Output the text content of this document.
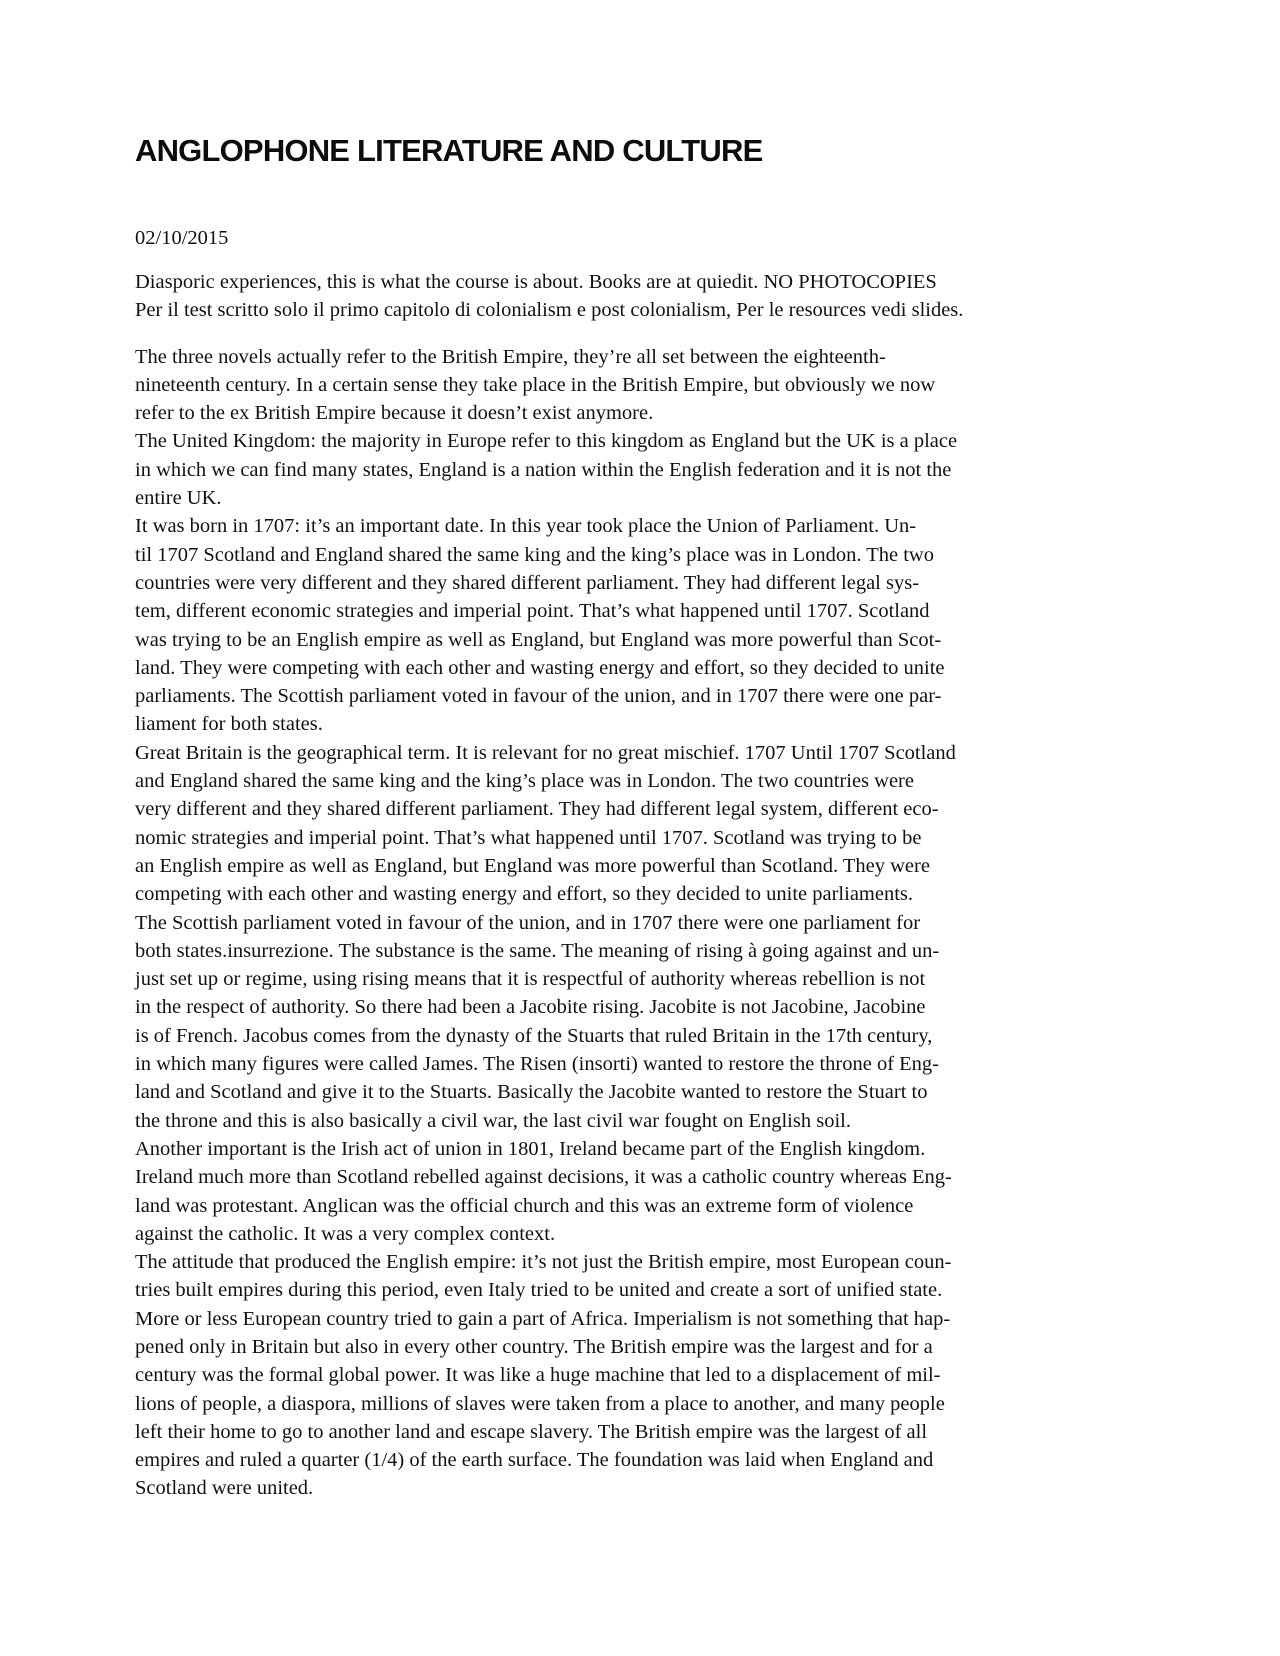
ANGLOPHONE LITERATURE AND CULTURE
02/10/2015
Diasporic experiences, this is what the course is about. Books are at quiedit. NO PHOTOCOPIES
Per il test scritto solo il primo capitolo di colonialism e post colonialism, Per le resources vedi slides.
The three novels actually refer to the British Empire, they’re all set between the eighteenth-
nineteenth century. In a certain sense they take place in the British Empire, but obviously we now
refer to the ex British Empire because it doesn’t exist anymore.
The United Kingdom: the majority in Europe refer to this kingdom as England but the UK is a place
in which we can find many states, England is a nation within the English federation and it is not the
entire UK.
It was born in 1707: it’s an important date. In this year took place the Union of Parliament. Un-
til 1707 Scotland and England shared the same king and the king’s place was in London. The two
countries were very different and they shared different parliament. They had different legal sys-
tem, different economic strategies and imperial point. That’s what happened until 1707. Scotland
was trying to be an English empire as well as England, but England was more powerful than Scot-
land. They were competing with each other and wasting energy and effort, so they decided to unite
parliaments. The Scottish parliament voted in favour of the union, and in 1707 there were one par-
liament for both states.
Great Britain is the geographical term. It is relevant for no great mischief. 1707 Until 1707 Scotland
and England shared the same king and the king’s place was in London. The two countries were
very different and they shared different parliament. They had different legal system, different eco-
nomic strategies and imperial point. That’s what happened until 1707. Scotland was trying to be
an English empire as well as England, but England was more powerful than Scotland. They were
competing with each other and wasting energy and effort, so they decided to unite parliaments.
The Scottish parliament voted in favour of the union, and in 1707 there were one parliament for
both states.insurrezione. The substance is the same. The meaning of rising à going against and un-
just set up or regime, using rising means that it is respectful of authority whereas rebellion is not
in the respect of authority. So there had been a Jacobite rising. Jacobite is not Jacobine, Jacobine
is of French. Jacobus comes from the dynasty of the Stuarts that ruled Britain in the 17th century,
in which many figures were called James. The Risen (insorti) wanted to restore the throne of Eng-
land and Scotland and give it to the Stuarts. Basically the Jacobite wanted to restore the Stuart to
the throne and this is also basically a civil war, the last civil war fought on English soil.
Another important is the Irish act of union in 1801, Ireland became part of the English kingdom.
Ireland much more than Scotland rebelled against decisions, it was a catholic country whereas Eng-
land was protestant. Anglican was the official church and this was an extreme form of violence
against the catholic. It was a very complex context.
The attitude that produced the English empire: it’s not just the British empire, most European coun-
tries built empires during this period, even Italy tried to be united and create a sort of unified state.
More or less European country tried to gain a part of Africa. Imperialism is not something that hap-
pened only in Britain but also in every other country. The British empire was the largest and for a
century was the formal global power. It was like a huge machine that led to a displacement of mil-
lions of people, a diaspora, millions of slaves were taken from a place to another, and many people
left their home to go to another land and escape slavery. The British empire was the largest of all
empires and ruled a quarter (1/4) of the earth surface. The foundation was laid when England and
Scotland were united.
